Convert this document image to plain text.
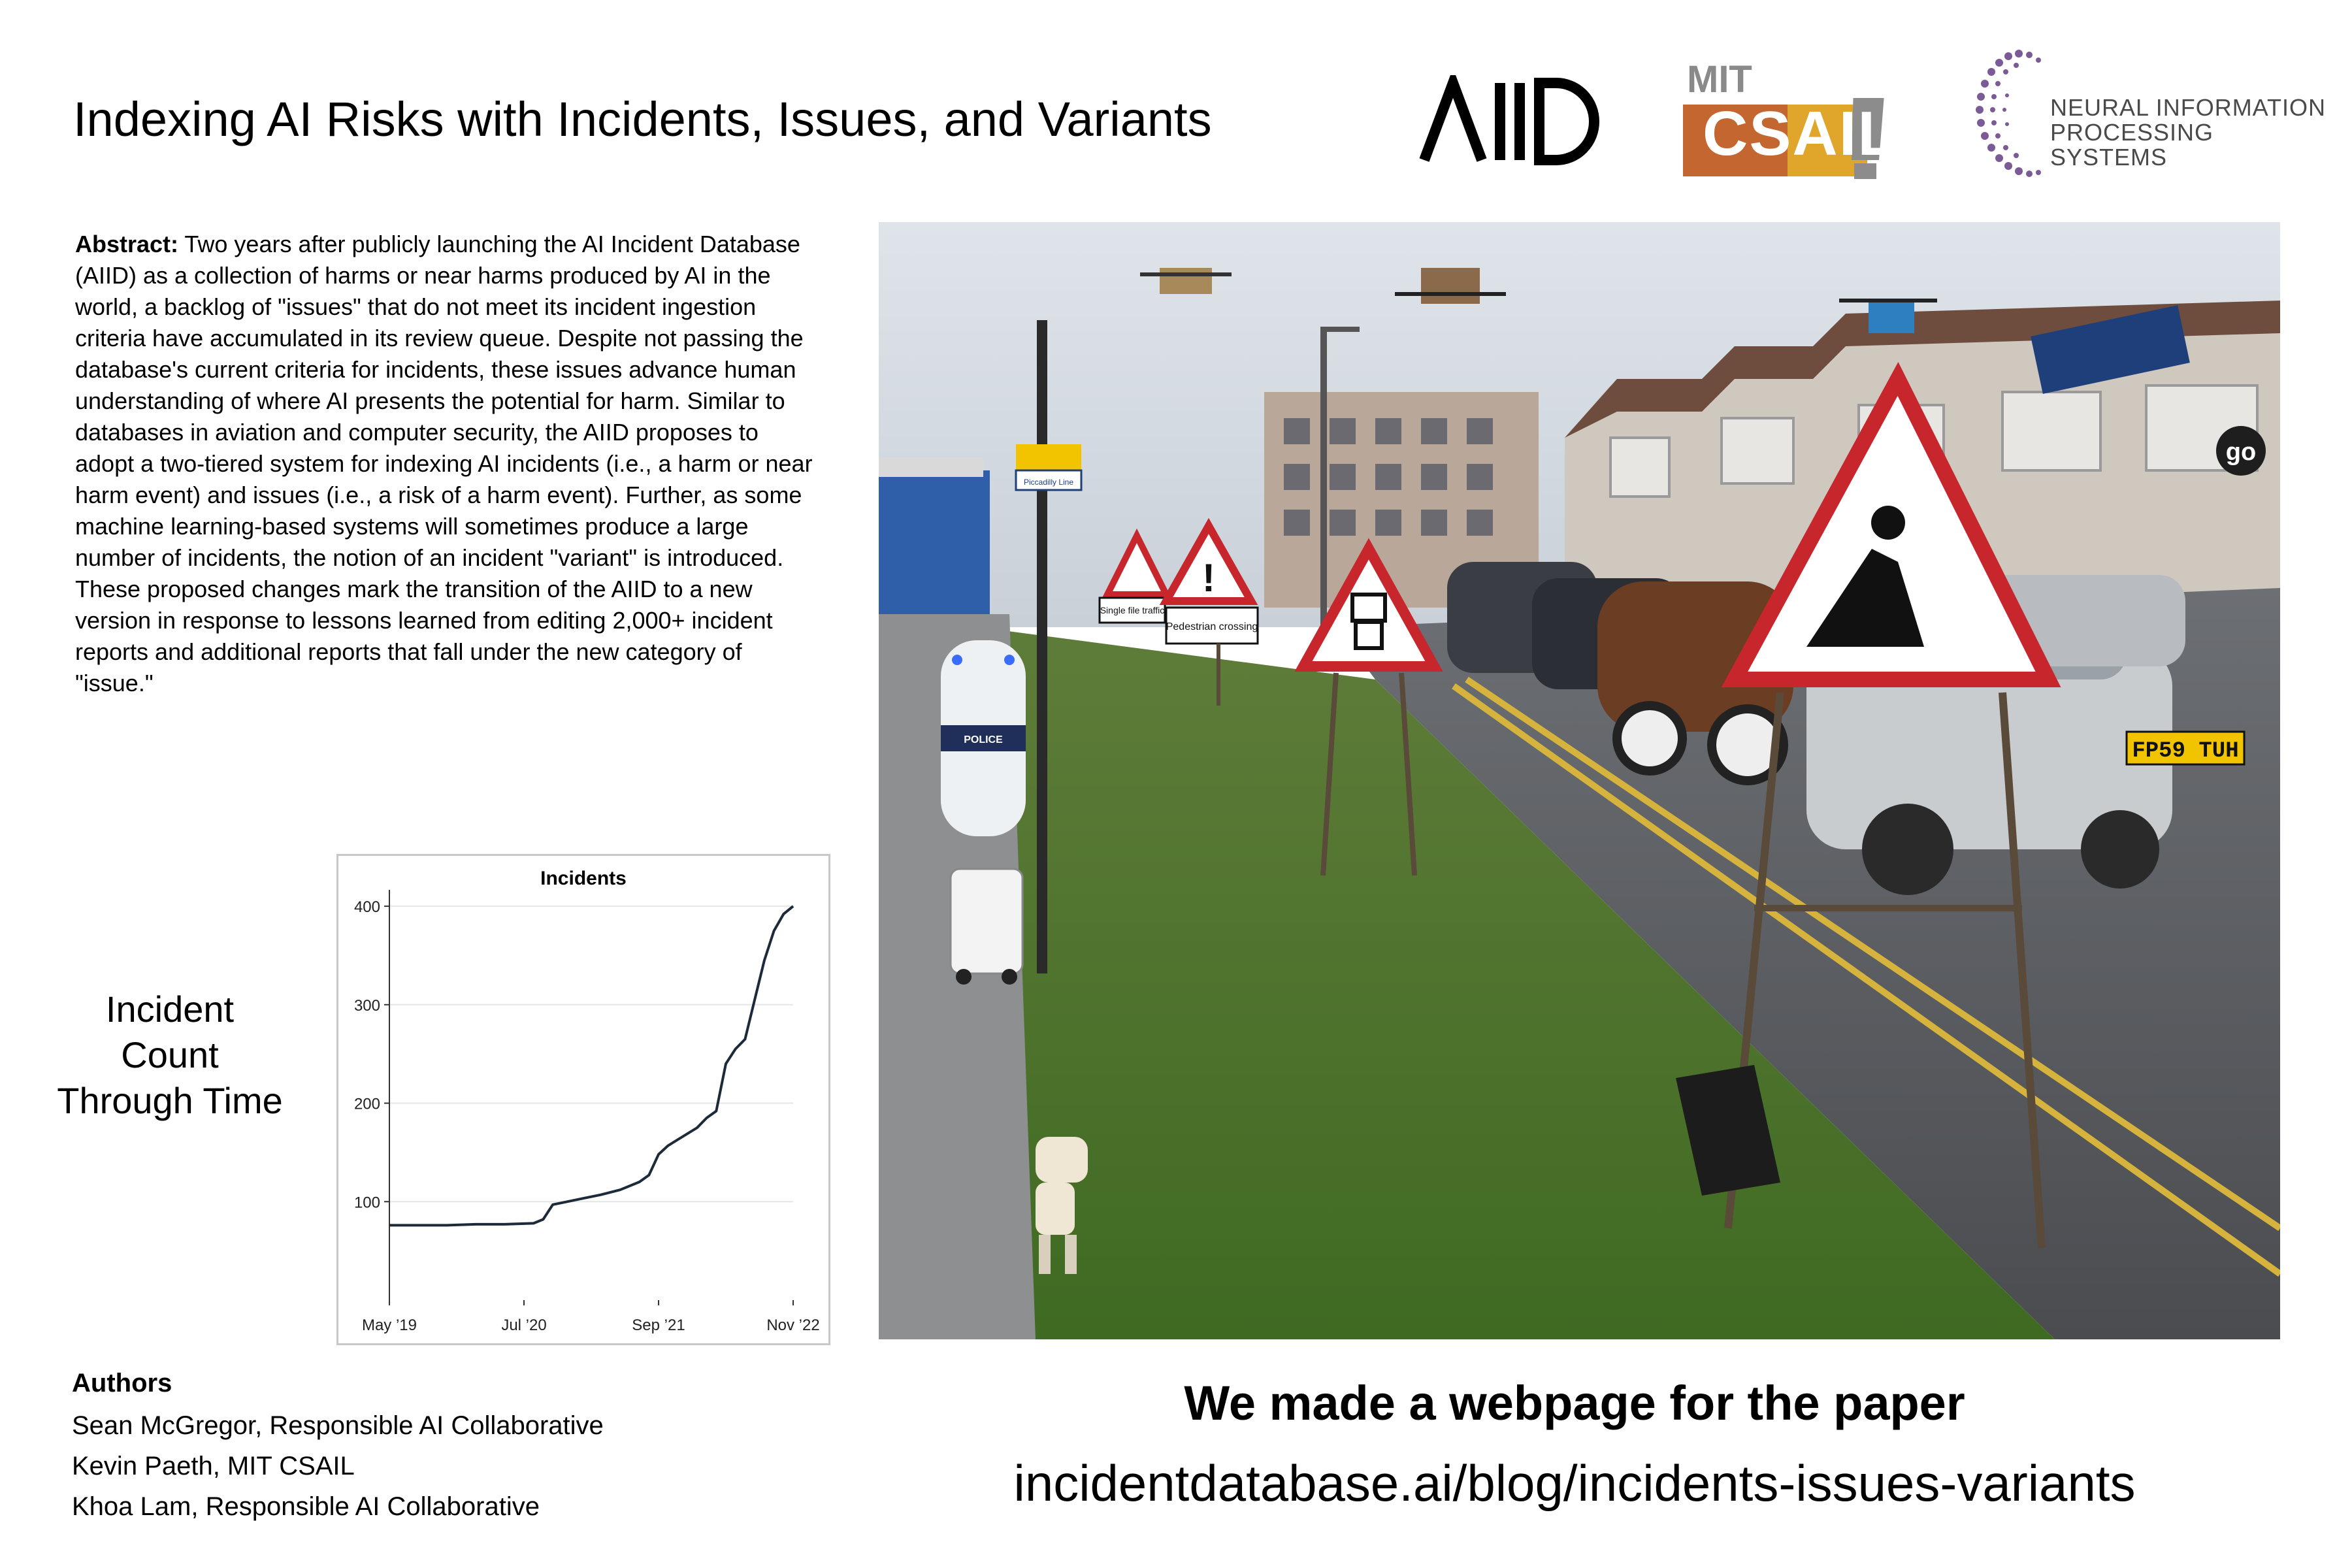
Indexing AI Risks with Incidents, Issues, and Variants
MIT
CSAIL	NEURAL INFORMATION
PROCESSING SYSTEMS
Abstract: Two years after publicly launching the AI Incident Database (AIID) as a collection of harms or near harms produced by AI in the world, a backlog of "issues" that do not meet its incident ingestion criteria have accumulated in its review queue. Despite not passing the database's current criteria for incidents, these issues advance human understanding of where AI presents the potential for harm. Similar to databases in aviation and computer security, the AIID proposes to adopt a two-tiered system for indexing AI incidents (i.e., a harm or near harm event) and issues (i.e., a risk of a harm event). Further, as some machine learning-based systems will sometimes produce a large number of incidents, the notion of an incident "variant" is introduced. These proposed changes mark the transition of the AIID to a new version in response to lessons learned from editing 2,000+ incident reports and additional reports that fall under the new category of "issue."
Incident
Count
Through Time
Incidents
100
200
300
400
May ’19	Jul ’20	Sep ’21	Nov ’22
go
Piccadilly Line
FP59 TUH
Single file traffic
!
Pedestrian crossing
POLICE
Authors
Sean McGregor, Responsible AI Collaborative
Kevin Paeth, MIT CSAIL
Khoa Lam, Responsible AI Collaborative
We made a webpage for the paper
incidentdatabase.ai/blog/incidents-issues-variants
